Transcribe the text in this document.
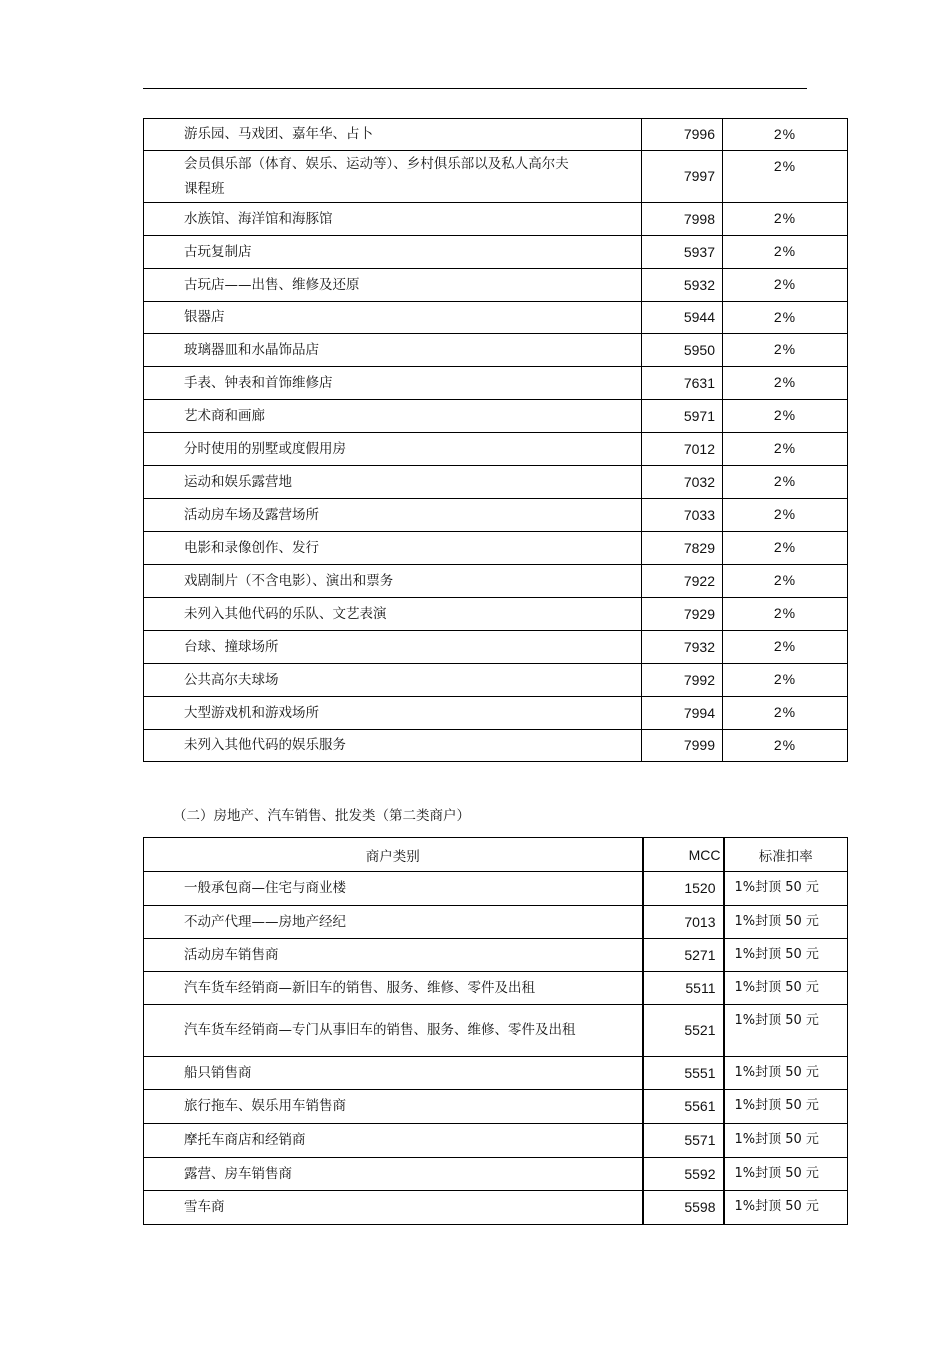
游乐园、马戏团、嘉年华、占卜	7996	2%
会员俱乐部（体育、娱乐、运动等）、乡村俱乐部以及私人高尔夫课程班	7997	2%
水族馆、海洋馆和海豚馆	7998	2%
古玩复制店	5937	2%
古玩店——出售、维修及还原	5932	2%
银器店	5944	2%
玻璃器皿和水晶饰品店	5950	2%
手表、钟表和首饰维修店	7631	2%
艺术商和画廊	5971	2%
分时使用的别墅或度假用房	7012	2%
运动和娱乐露营地	7032	2%
活动房车场及露营场所	7033	2%
电影和录像创作、发行	7829	2%
戏剧制片（不含电影）、演出和票务	7922	2%
未列入其他代码的乐队、文艺表演	7929	2%
台球、撞球场所	7932	2%
公共高尔夫球场	7992	2%
大型游戏机和游戏场所	7994	2%
未列入其他代码的娱乐服务	7999	2%
（二）房地产、汽车销售、批发类（第二类商户）
商户类别	MCC	标准扣率
一般承包商—住宅与商业楼	1520	1%封顶 50 元
不动产代理——房地产经纪	7013	1%封顶 50 元
活动房车销售商	5271	1%封顶 50 元
汽车货车经销商—新旧车的销售、服务、维修、零件及出租	5511	1%封顶 50 元
汽车货车经销商—专门从事旧车的销售、服务、维修、零件及出租	5521	1%封顶 50 元
船只销售商	5551	1%封顶 50 元
旅行拖车、娱乐用车销售商	5561	1%封顶 50 元
摩托车商店和经销商	5571	1%封顶 50 元
露营、房车销售商	5592	1%封顶 50 元
雪车商	5598	1%封顶 50 元
